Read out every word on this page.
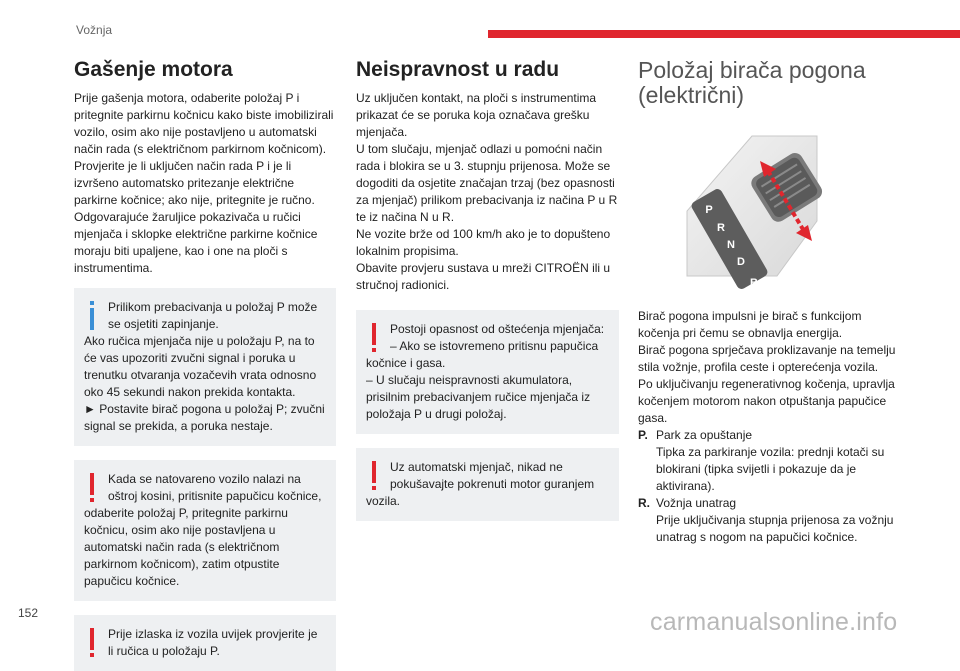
Vožnja
Gašenje motora

Prije gašenja motora, odaberite položaj P i pritegnite parkirnu kočnicu kako biste imobilizirali vozilo, osim ako nije postavljeno u automatski način rada (s električnom parkirnom kočnicom). Provjerite je li uključen način rada P i je li izvršeno automatsko pritezanje električne parkirne kočnice; ako nije, pritegnite je ručno. Odgovarajuće žaruljice pokazivača u ručici mjenjača i sklopke električne parkirne kočnice moraju biti upaljene, kao i one na ploči s instrumentima.

Prilikom prebacivanja u položaj P može se osjetiti zapinjanje.
Ako ručica mjenjača nije u položaju P, na to će vas upozoriti zvučni signal i poruka u trenutku otvaranja vozačevih vrata odnosno oko 45 sekundi nakon prekida kontakta.
► Postavite birač pogona u položaj P; zvučni signal se prekida, a poruka nestaje.
Kada se natovareno vozilo nalazi na oštroj kosini, pritisnite papučicu kočnice, odaberite položaj P, pritegnite parkirnu kočnicu, osim ako nije postavljena u automatski način rada (s električnom parkirnom kočnicom), zatim otpustite papučicu kočnice.
Prije izlaska iz vozila uvijek provjerite je li ručica u položaju P.
Neispravnost u radu

Uz uključen kontakt, na ploči s instrumentima prikazat će se poruka koja označava grešku mjenjača.

U tom slučaju, mjenjač odlazi u pomoćni način rada i blokira se u 3. stupnju prijenosa. Može se dogoditi da osjetite značajan trzaj (bez opasnosti za mjenjač) prilikom prebacivanja iz načina P u R te iz načina N u R.

Ne vozite brže od 100 km/h ako je to dopušteno lokalnim propisima.

Obavite provjeru sustava u mreži CITROËN ili u stručnoj radionici.

Postoji opasnost od oštećenja mjenjača:
– Ako se istovremeno pritisnu papučica kočnice i gasa.
– U slučaju neispravnosti akumulatora, prisilnim prebacivanjem ručice mjenjača iz položaja P u drugi položaj.
Uz automatski mjenjač, nikad ne pokušavajte pokrenuti motor guranjem vozila.
Položaj birača pogona (električni)
P
R
N
D
B

Birač pogona impulsni je birač s funkcijom kočenja pri čemu se obnavlja energija.

Birač pogona sprječava proklizavanje na temelju stila vožnje, profila ceste i opterećenja vozila.

Po uključivanju regenerativnog kočenja, upravlja kočenjem motorom nakon otpuštanja papučice gasa.

P. Park za opuštanje
Tipka za parkiranje vozila: prednji kotači su blokirani (tipka svijetli i pokazuje da je aktivirana).
R. Vožnja unatrag
Prije uključivanja stupnja prijenosa za vožnju unatrag s nogom na papučici kočnice.
152	carmanualsonline.info
